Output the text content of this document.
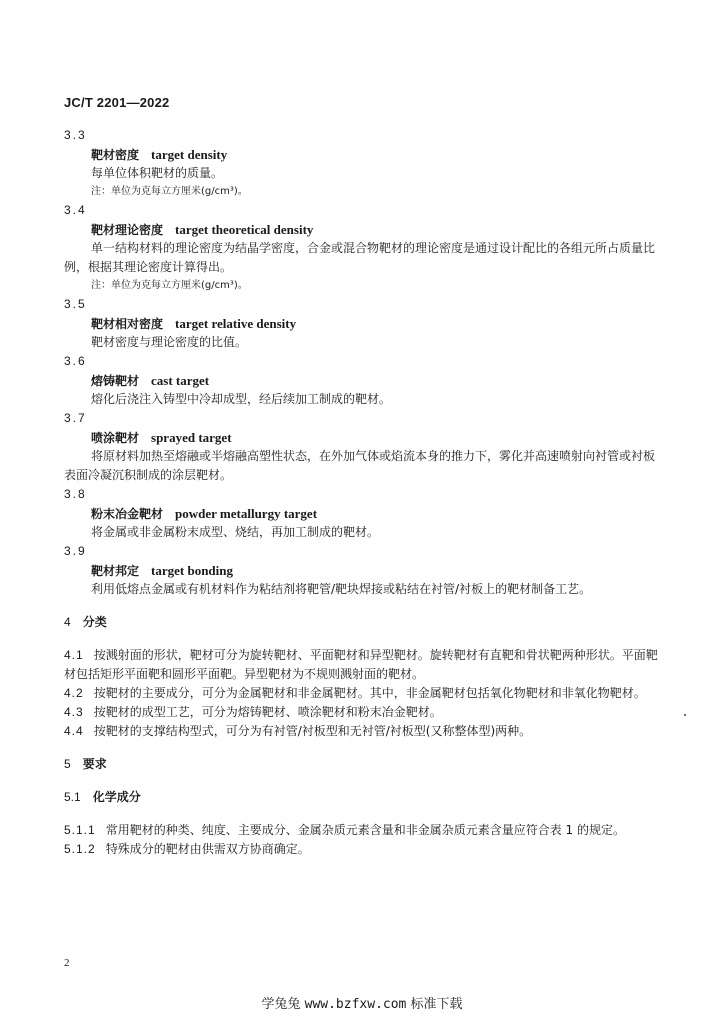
JC/T 2201—2022
3.3
靶材密度 target density
每单位体积靶材的质量。
注：单位为克每立方厘米(g/cm³)。
3.4
靶材理论密度 target theoretical density
单一结构材料的理论密度为结晶学密度，合金或混合物靶材的理论密度是通过设计配比的各组元所占质量比例，根据其理论密度计算得出。
注：单位为克每立方厘米(g/cm³)。
3.5
靶材相对密度 target relative density
靶材密度与理论密度的比值。
3.6
熔铸靶材 cast target
熔化后浇注入铸型中冷却成型，经后续加工制成的靶材。
3.7
喷涂靶材 sprayed target
将原材料加热至熔融或半熔融高塑性状态，在外加气体或焰流本身的推力下，雾化并高速喷射向衬管或衬板表面冷凝沉积制成的涂层靶材。
3.8
粉末冶金靶材 powder metallurgy target
将金属或非金属粉末成型、烧结，再加工制成的靶材。
3.9
靶材邦定 target bonding
利用低熔点金属或有机材料作为粘结剂将靶管/靶块焊接或粘结在衬管/衬板上的靶材制备工艺。
4 分类
4.1 按溅射面的形状，靶材可分为旋转靶材、平面靶材和异型靶材。旋转靶材有直靶和骨状靶两种形状。平面靶材包括矩形平面靶和圆形平面靶。异型靶材为不规则溅射面的靶材。
4.2 按靶材的主要成分，可分为金属靶材和非金属靶材。其中，非金属靶材包括氧化物靶材和非氧化物靶材。
4.3 按靶材的成型工艺，可分为熔铸靶材、喷涂靶材和粉末冶金靶材。
4.4 按靶材的支撑结构型式，可分为有衬管/衬板型和无衬管/衬板型(又称整体型)两种。
5 要求
5.1 化学成分
5.1.1 常用靶材的种类、纯度、主要成分、金属杂质元素含量和非金属杂质元素含量应符合表 1 的规定。
5.1.2 特殊成分的靶材由供需双方协商确定。
2
学兔兔 www.bzfxw.com 标准下载
